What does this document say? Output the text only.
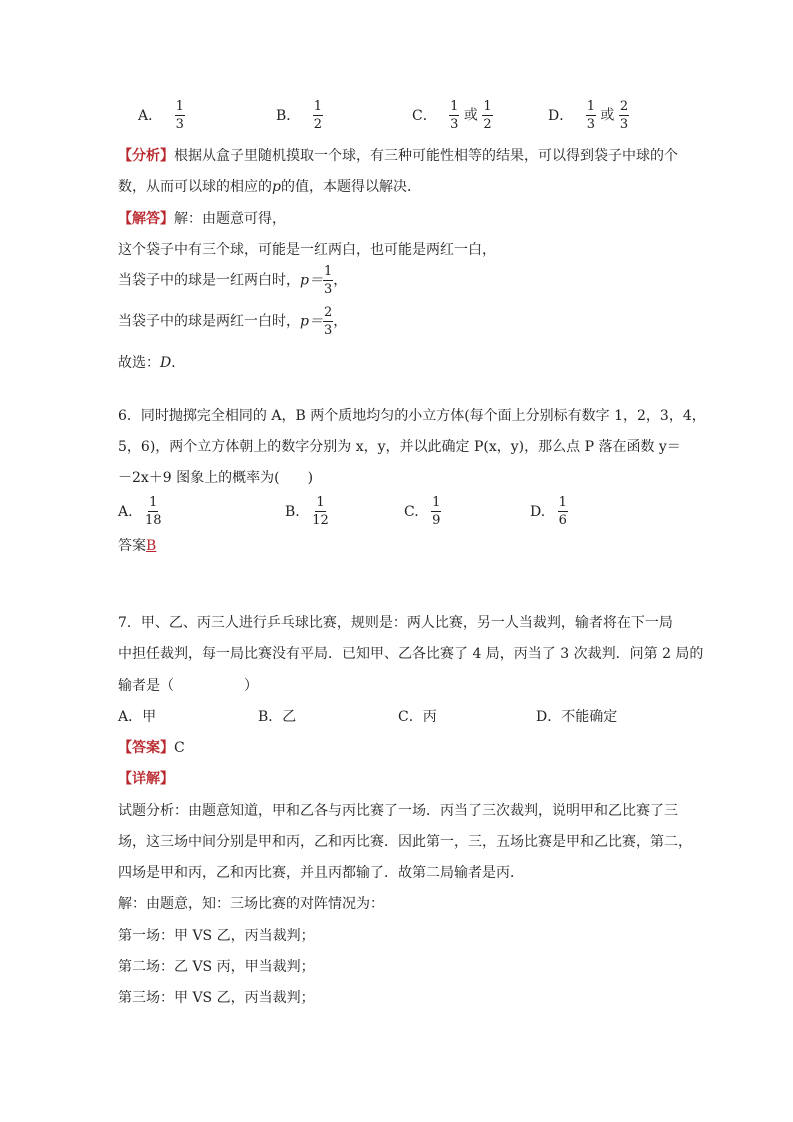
A． $\frac{1}{3}$	B． $\frac{1}{2}$	C． $\frac{1}{3}$ 或 $\frac{1}{2}$	D． $\frac{1}{3}$ 或 $\frac{2}{3}$
【分析】根据从盒子里随机摸取一个球，有三种可能性相等的结果，可以得到袋子中球的个
数，从而可以球的相应的p的值，本题得以解决．
【解答】解：由题意可得，
这个袋子中有三个球，可能是一红两白，也可能是两红一白，
当袋子中的球是一红两白时，$p= \frac{1}{3}$ ，
当袋子中的球是两红一白时，$p= \frac{2}{3}$ ，
故选：D．
6．同时抛掷完全相同的 A，B 两个质地均匀的小立方体(每个面上分别标有数字 1，2，3，4，
5，6)，两个立方体朝上的数字分别为 x，y，并以此确定 P(x，y)，那么点 P 落在函数 y＝
－2x＋9 图象上的概率为(　　)
A. $\frac{1}{18}$	B. $\frac{1}{12}$	C. $\frac{1}{9}$	D. $\frac{1}{6}$
答案B
7．甲、乙、丙三人进行乒乓球比赛，规则是：两人比赛，另一人当裁判，输者将在下一局
中担任裁判，每一局比赛没有平局．已知甲、乙各比赛了 4 局，丙当了 3 次裁判．问第 2 局的
输者是（　　　　　）
A．甲	B．乙	C．丙	D．不能确定
【答案】C
【详解】
试题分析：由题意知道，甲和乙各与丙比赛了一场．丙当了三次裁判，说明甲和乙比赛了三
场，这三场中间分别是甲和丙，乙和丙比赛．因此第一，三，五场比赛是甲和乙比赛，第二，
四场是甲和丙，乙和丙比赛，并且丙都输了．故第二局输者是丙．
解：由题意，知：三场比赛的对阵情况为：
第一场：甲 VS 乙，丙当裁判；
第二场：乙 VS 丙，甲当裁判；
第三场：甲 VS 乙，丙当裁判；
